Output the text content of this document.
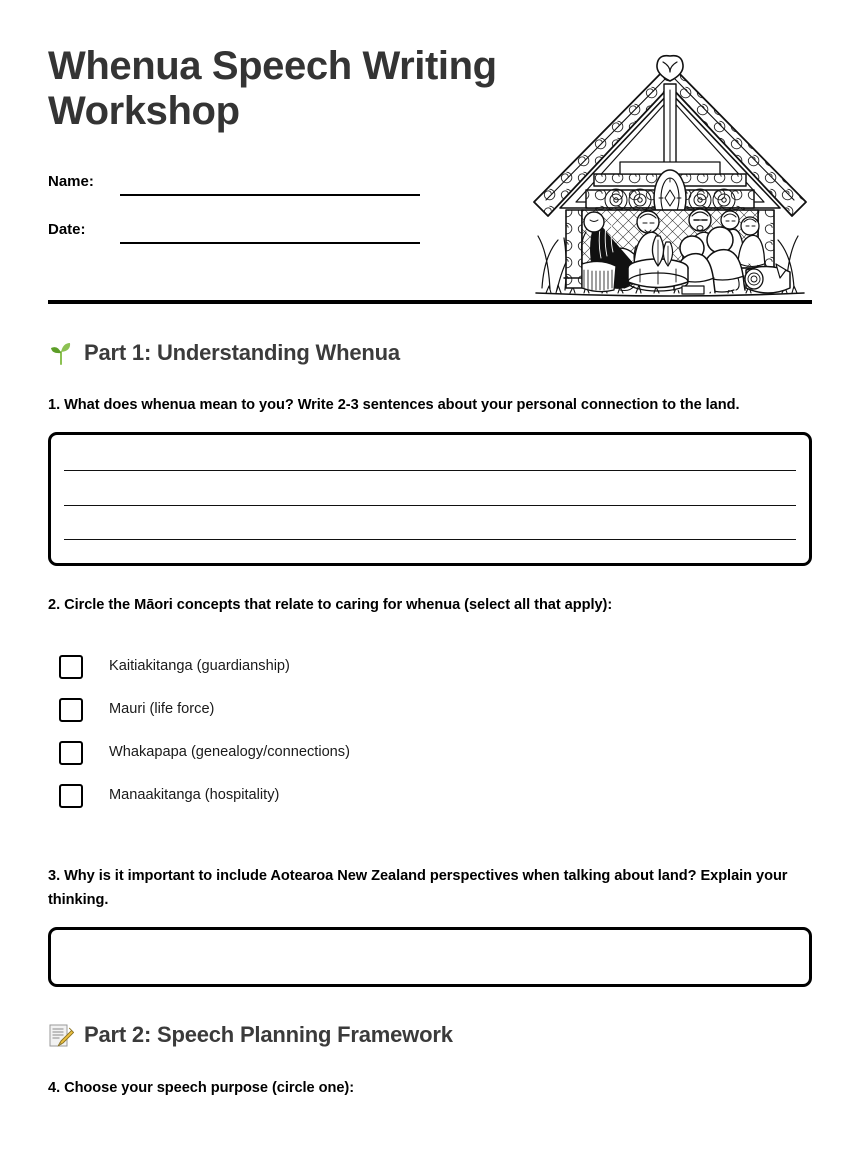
Whenua Speech Writing Workshop
Name:
Date:
Part 1: Understanding Whenua
1. What does whenua mean to you? Write 2-3 sentences about your personal connection to the land.
2. Circle the Māori concepts that relate to caring for whenua (select all that apply):
Kaitiakitanga (guardianship)
Mauri (life force)
Whakapapa (genealogy/connections)
Manaakitanga (hospitality)
3. Why is it important to include Aotearoa New Zealand perspectives when talking about land? Explain your thinking.
Part 2: Speech Planning Framework
4. Choose your speech purpose (circle one):
